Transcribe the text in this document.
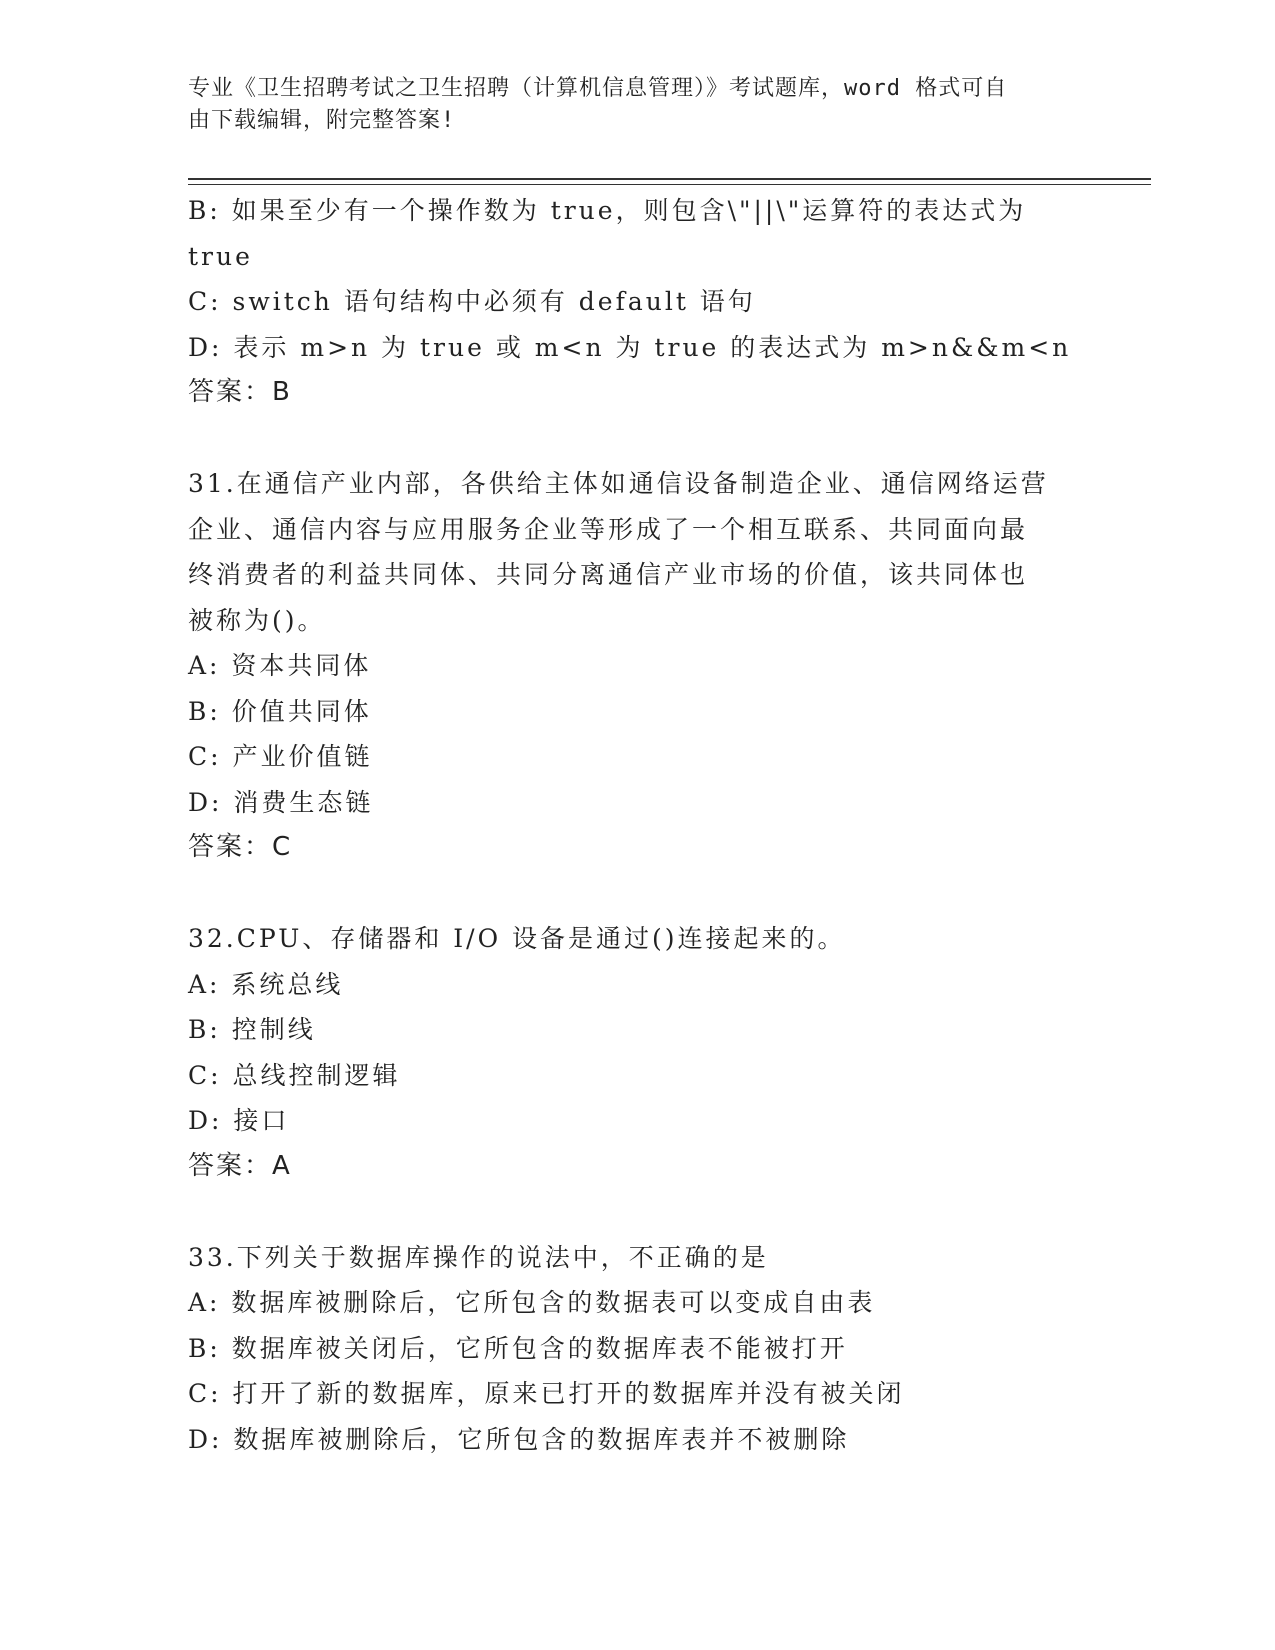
专业《卫生招聘考试之卫生招聘（计算机信息管理）》考试题库，word 格式可自
由下载编辑，附完整答案!
B: 如果至少有一个操作数为 true，则包含\"||\"运算符的表达式为
true
C: switch 语句结构中必须有 default 语句
D: 表示 m>n 为 true 或 m<n 为 true 的表达式为 m>n&&m<n
答案：B
31.在通信产业内部，各供给主体如通信设备制造企业、通信网络运营
企业、通信内容与应用服务企业等形成了一个相互联系、共同面向最
终消费者的利益共同体、共同分离通信产业市场的价值，该共同体也
被称为()。
A: 资本共同体
B: 价值共同体
C: 产业价值链
D: 消费生态链
答案：C
32.CPU、存储器和 I/O 设备是通过()连接起来的。
A: 系统总线
B: 控制线
C: 总线控制逻辑
D: 接口
答案：A
33.下列关于数据库操作的说法中，不正确的是
A: 数据库被删除后，它所包含的数据表可以变成自由表
B: 数据库被关闭后，它所包含的数据库表不能被打开
C: 打开了新的数据库，原来已打开的数据库并没有被关闭
D: 数据库被删除后，它所包含的数据库表并不被删除
